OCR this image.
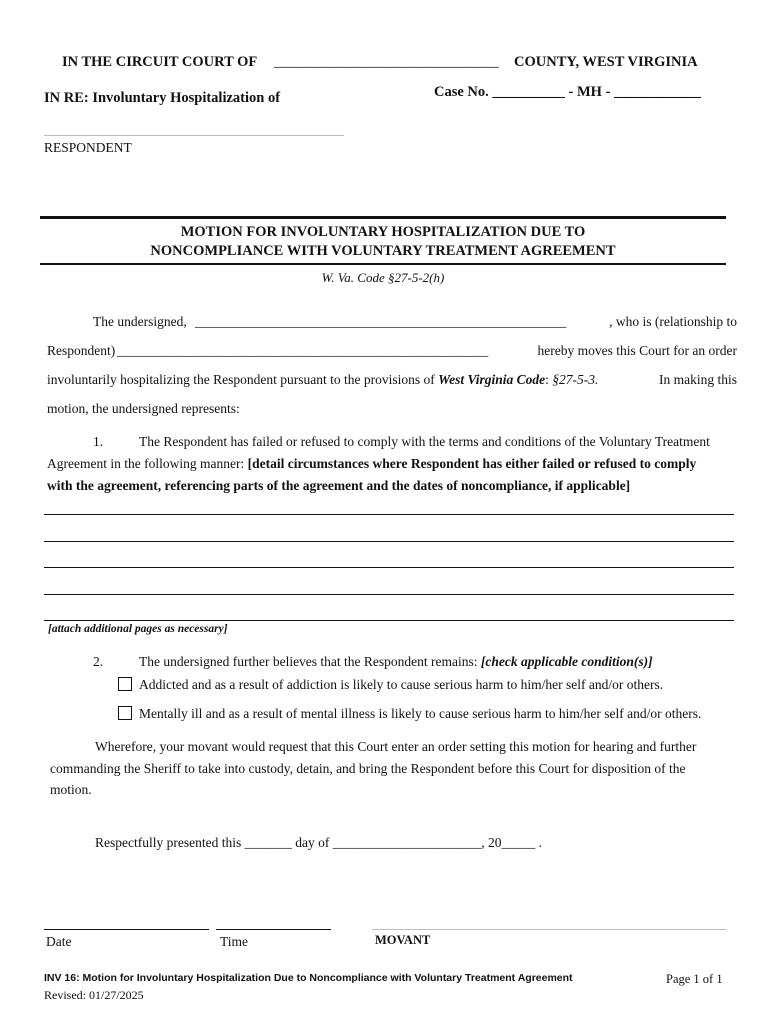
IN THE CIRCUIT COURT OF _______________________________ COUNTY, WEST VIRGINIA
Case No. __________ - MH - ____________
IN RE: Involuntary Hospitalization of
RESPONDENT
MOTION FOR INVOLUNTARY HOSPITALIZATION DUE TO
NONCOMPLIANCE WITH VOLUNTARY TREATMENT AGREEMENT
W. Va. Code §27-5-2(h)
The undersigned, _______________________________________________________	, who is (relationship to
Respondent) _______________________________________________________	hereby moves this Court for an order
involuntarily hospitalizing the Respondent pursuant to the provisions of West Virginia Code: §27-5-3.	In making this
motion, the undersigned represents:
1.	The Respondent has failed or refused to comply with the terms and conditions of the Voluntary Treatment
Agreement in the following manner: [detail circumstances where Respondent has either failed or refused to comply
with the agreement, referencing parts of the agreement and the dates of noncompliance, if applicable]
[attach additional pages as necessary]
2.	The undersigned further believes that the Respondent remains: [check applicable condition(s)]
Addicted and as a result of addiction is likely to cause serious harm to him/her self and/or others.
Mentally ill and as a result of mental illness is likely to cause serious harm to him/her self and/or others.
Wherefore, your movant would request that this Court enter an order setting this motion for hearing and further
commanding the Sheriff to take into custody, detain, and bring the Respondent before this Court for disposition of the
motion.
Respectfully presented this _______ day of ______________________, 20_____ .
Date	Time	MOVANT
INV 16: Motion for Involuntary Hospitalization Due to Noncompliance with Voluntary Treatment Agreement
Revised: 01/27/2025
Page 1 of 1
